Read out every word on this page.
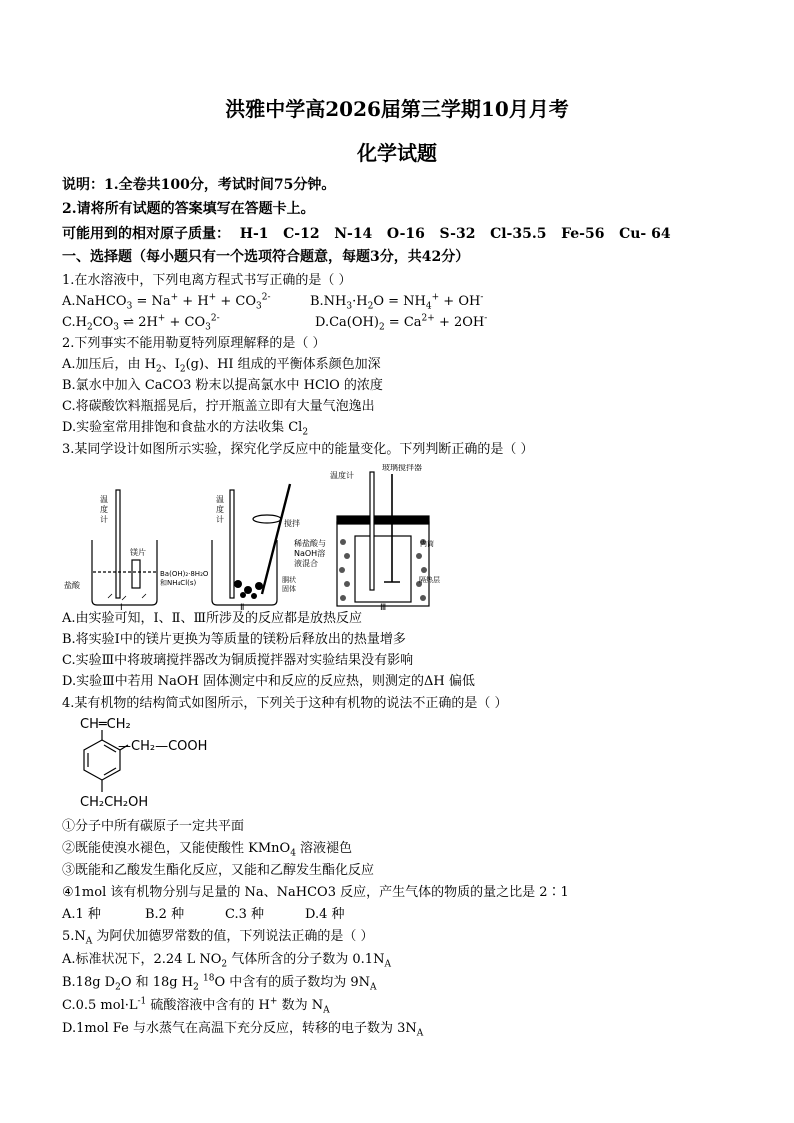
洪雅中学高2026届第三学期10月月考
化学试题
说明：1.全卷共100分，考试时间75分钟。
2.请将所有试题的答案填写在答题卡上。
可能用到的相对原子质量：  H-1   C-12   N-14   O-16   S-32   Cl-35.5   Fe-56   Cu- 64
一、选择题（每小题只有一个选项符合题意，每题3分，共42分）
1.在水溶液中，下列电离方程式书写正确的是（ ）
A.NaHCO$_3$ = $Na^+ + H^+ + CO_3^{2-}$	$B.NH_3\cdot H_2O = NH_4^+ + OH^-$
$C.H_2CO_3$ ⇌ $2H^+ + CO_3^{2-}$	$D.Ca(OH)_2 = Ca^{2+} + 2OH^-$
2.下列事实不能用勒夏特列原理解释的是（ ）
A.加压后，由 $H_2$、$I_2(g)$、HI 组成的平衡体系颜色加深
B.氯水中加入 CaCO3 粉末以提高氯水中 HClO 的浓度
C.将碳酸饮料瓶摇晃后，拧开瓶盖立即有大量气泡逸出
D.实验室常用排饱和食盐水的方法收集 $Cl_2$
3.某同学设计如图所示实验，探究化学反应中的能量变化。下列判断正确的是（ ）
温
度
计
镁片
盐酸
Ⅰ
温
度
计	搅拌
Ba(OH)₂·8H₂O
和NH₄Cl(s)	胴状
固体
Ⅱ
温度计
玻璃搅拌器
稀盐酸与
NaOH溶
液混合
内筒
隔热层
Ⅲ
A.由实验可知，Ⅰ、Ⅱ、Ⅲ所涉及的反应都是放热反应
B.将实验Ⅰ中的镁片更换为等质量的镁粉后释放出的热量增多
C.实验Ⅲ中将玻璃搅拌器改为铜质搅拌器对实验结果没有影响
D.实验Ⅲ中若用 NaOH 固体测定中和反应的反应热，则测定的ΔH 偏低
4.某有机物的结构简式如图所示，下列关于这种有机物的说法不正确的是（ ）
CH═CH₂
—CH₂—COOH
CH₂CH₂OH
①分子中所有碳原子一定共平面
②既能使溴水褪色，又能使酸性 KMnO$_4$ 溶液褪色
③既能和乙酸发生酯化反应，又能和乙醇发生酯化反应
④1mol 该有机物分别与足量的 Na、NaHCO3 反应，产生气体的物质的量之比是 2∶1
A.1 种	B.2 种	C.3 种	D.4 种
$5.N_A$ 为阿伏加德罗常数的值，下列说法正确的是（ ）
A.标准状况下，2.24 L $NO_2$ 气体所含的分子数为 $0.1N_A$
B.18g $D_2O$ 和 18g $H_2$ $^{18}$O 中含有的质子数均为 $9N_A$
C.0.5 $mol\cdot L^{-1}$ 硫酸溶液中含有的 H+ 数为 $N_A$
D.1mol Fe 与水蒸气在高温下充分反应，转移的电子数为 $3N_A$
